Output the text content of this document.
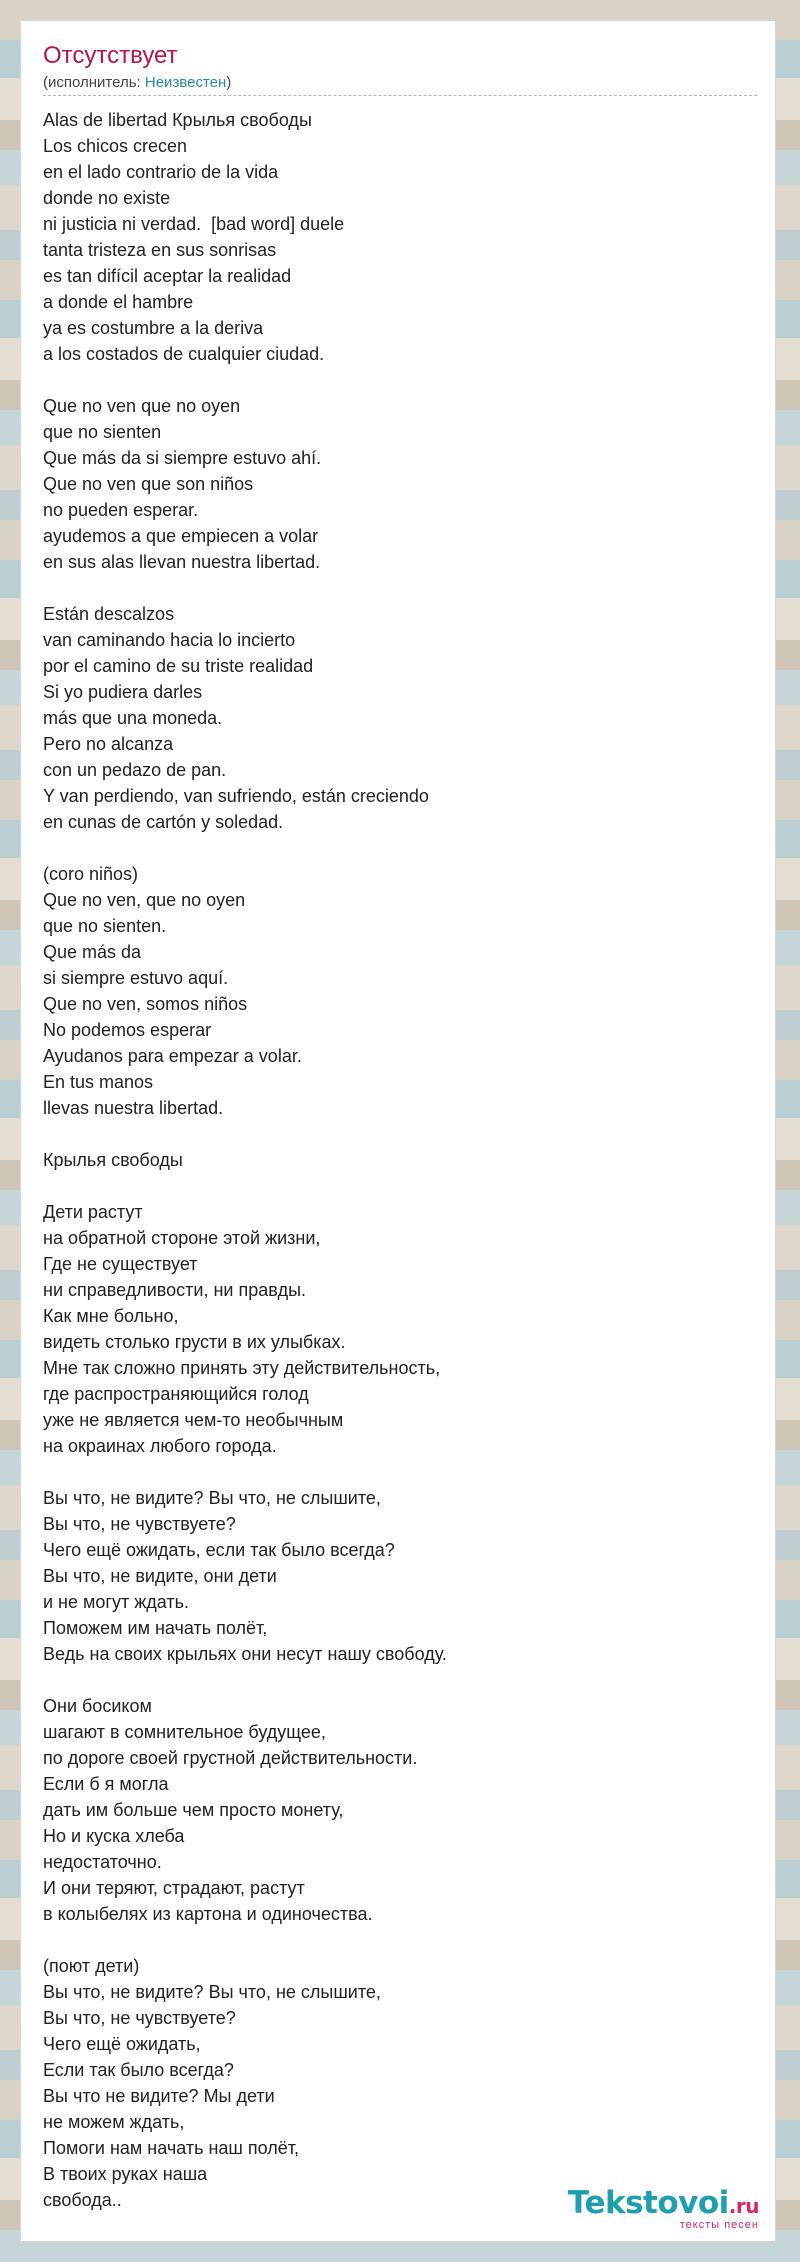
Отсутствует
(исполнитель: Неизвестен)
Alas de libertad Крылья свободы
Los chicos crecen
en el lado contrario de la vida
donde no existe
ni justicia ni verdad.  [bad word] duele
tanta tristeza en sus sonrisas
es tan difícil aceptar la realidad
a donde el hambre
ya es costumbre a la deriva
a los costados de cualquier ciudad.
Que no ven que no oyen
que no sienten
Que más da si siempre estuvo ahí.
Que no ven que son niños
no pueden esperar.
ayudemos a que empiecen a volar
en sus alas llevan nuestra libertad.
Están descalzos
van caminando hacia lo incierto
por el camino de su triste realidad
Si yo pudiera darles
más que una moneda.
Pero no alcanza
con un pedazo de pan.
Y van perdiendo, van sufriendo, están creciendo
en cunas de cartón y soledad.
(coro niños)
Que no ven, que no oyen
que no sienten.
Que más da
si siempre estuvo aquí.
Que no ven, somos niños
No podemos esperar
Ayudanos para empezar a volar.
En tus manos
llevas nuestra libertad.
Крылья свободы
Дети растут
на обратной стороне этой жизни,
Где не существует
ни справедливости, ни правды.
Как мне больно,
видеть столько грусти в их улыбках.
Мне так сложно принять эту действительность,
где распространяющийся голод
уже не является чем-то необычным
на окраинах любого города.
Вы что, не видите? Вы что, не слышите,
Вы что, не чувствуете?
Чего ещё ожидать, если так было всегда?
Вы что, не видите, они дети
и не могут ждать.
Поможем им начать полёт,
Ведь на своих крыльях они несут нашу свободу.
Они босиком
шагают в сомнительное будущее,
по дороге своей грустной действительности.
Если б я могла
дать им больше чем просто монету,
Но и куска хлеба
недостаточно.
И они теряют, страдают, растут
в колыбелях из картона и одиночества.
(поют дети)
Вы что, не видите? Вы что, не слышите,
Вы что, не чувствуете?
Чего ещё ожидать,
Если так было всегда?
Вы что не видите? Мы дети
не можем ждать,
Помоги нам начать наш полёт,
В твоих руках наша
свобода..	Tekstovoi.ru
тексты песен
